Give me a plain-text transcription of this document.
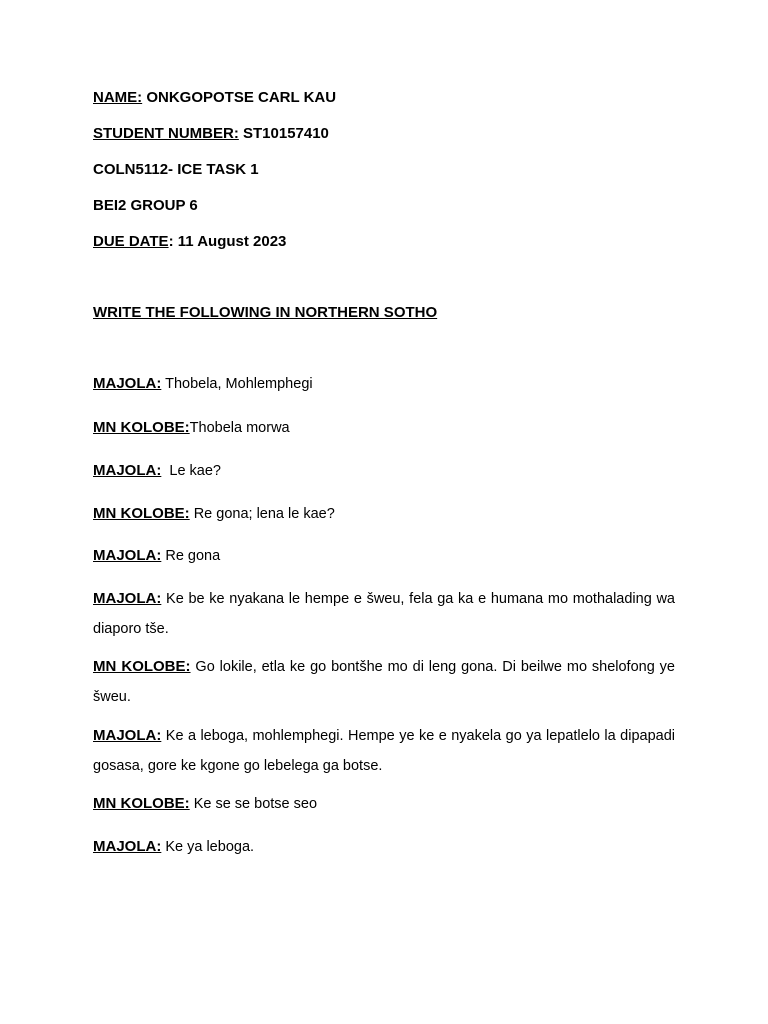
NAME: ONKGOPOTSE CARL KAU
STUDENT NUMBER: ST10157410
COLN5112- ICE TASK 1
BEI2 GROUP 6
DUE DATE: 11 August 2023
WRITE THE FOLLOWING IN NORTHERN SOTHO
MAJOLA: Thobela, Mohlemphegi
MN KOLOBE:Thobela morwa
MAJOLA:  Le kae?
MN KOLOBE: Re gona; lena le kae?
MAJOLA: Re gona
MAJOLA: Ke be ke nyakana le hempe e šweu, fela ga ka e humana mo mothalading wa diaporo tše.
MN KOLOBE: Go lokile, etla ke go bontšhe mo di leng gona. Di beilwe mo shelofong ye šweu.
MAJOLA: Ke a leboga, mohlemphegi. Hempe ye ke e nyakela go ya lepatlelo la dipapadi gosasa, gore ke kgone go lebelega ga botse.
MN KOLOBE: Ke se se botse seo
MAJOLA: Ke ya leboga.
